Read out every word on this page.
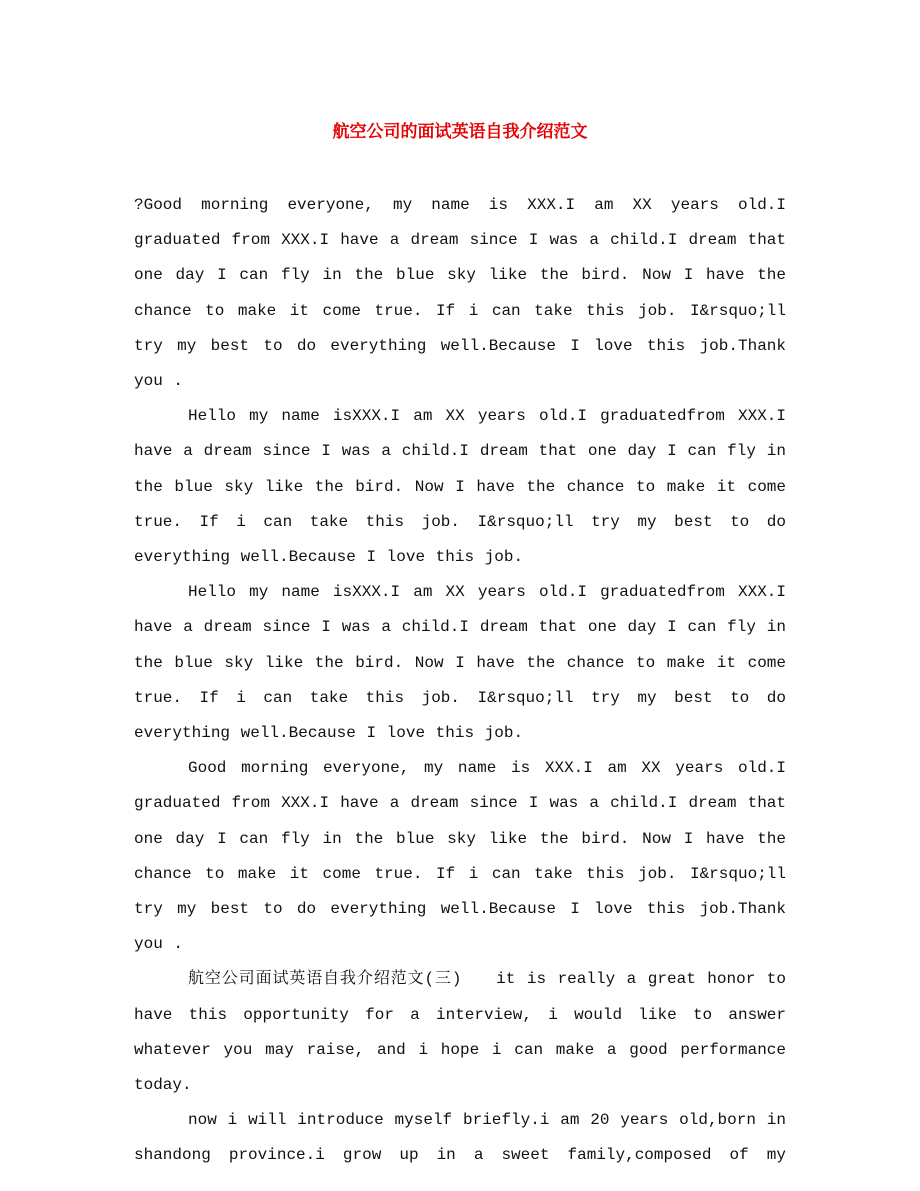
航空公司的面试英语自我介绍范文

?Good morning everyone, my name is XXX.I am XX years old.I graduated from XXX.I have a dream since I was a child.I dream that one day I can fly in the blue sky like the bird. Now I have the chance to make it come true. If i can take this job. I&rsquo;ll try my best to do everything well.Because I love this job.Thank you .

Hello my name isXXX.I am XX years old.I graduatedfrom XXX.I have a dream since I was a child.I dream that one day I can fly in the blue sky like the bird. Now I have the chance to make it come true. If i can take this job. I&rsquo;ll try my best to do everything well.Because I love this job.

Hello my name isXXX.I am XX years old.I graduatedfrom XXX.I have a dream since I was a child.I dream that one day I can fly in the blue sky like the bird. Now I have the chance to make it come true. If i can take this job. I&rsquo;ll try my best to do everything well.Because I love this job.

Good morning everyone, my name is XXX.I am XX years old.I graduated from XXX.I have a dream since I was a child.I dream that one day I can fly in the blue sky like the bird. Now I have the chance to make it come true. If i can take this job. I&rsquo;ll try my best to do everything well.Because I love this job.Thank you .

航空公司面试英语自我介绍范文(三)　　it is really a great honor to have this opportunity for a interview, i would like to answer whatever you may raise, and i hope i can make a good performance today.

now i will introduce myself briefly.i am 20 years old,born in shandong province.i grow up in a sweet family,composed of my
